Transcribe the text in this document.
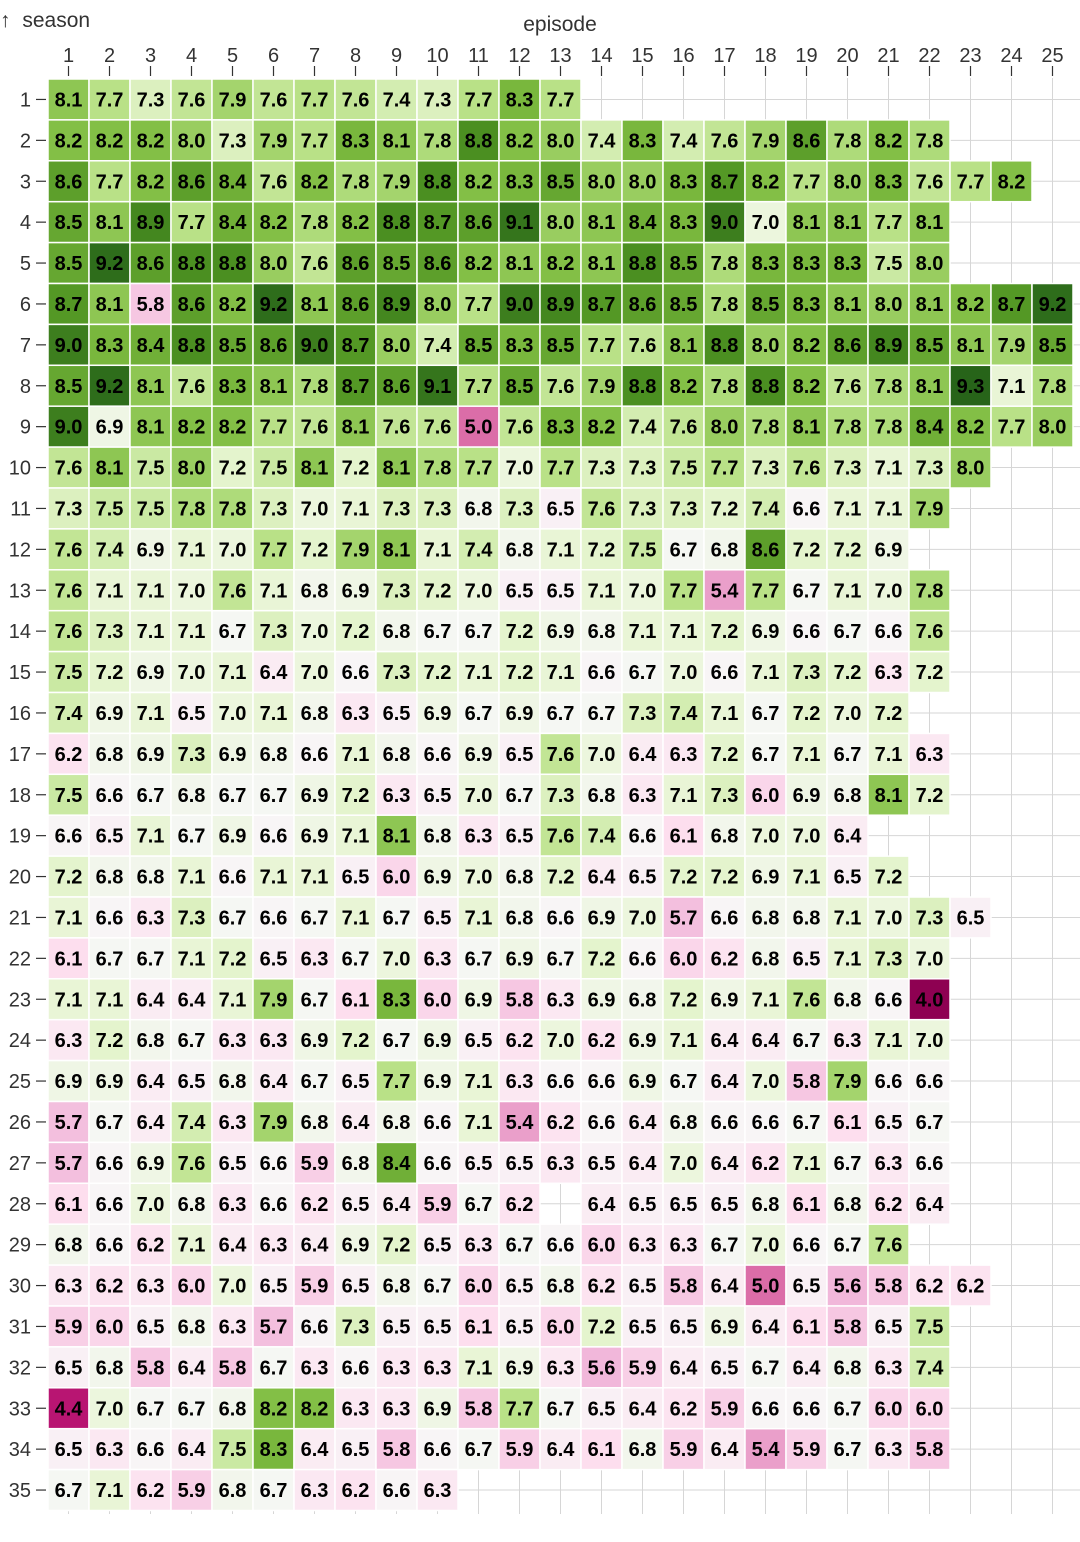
8.1 7.7 7.3 7.6 7.9 7.6 7.7 7.6 7.4 7.3 7.7 8.3 7.7
8.2 8.2 8.2 8.0 7.3 7.9 7.7 8.3 8.1 7.8 8.8 8.2 8.0 7.4 8.3 7.4 7.6 7.9 8.6 7.8 8.2 7.8
8.6 7.7 8.2 8.6 8.4 7.6 8.2 7.8 7.9 8.8 8.2 8.3 8.5 8.0 8.0 8.3 8.7 8.2 7.7 8.0 8.3 7.6 7.7 8.2
8.5 8.1 8.9 7.7 8.4 8.2 7.8 8.2 8.8 8.7 8.6 9.1 8.0 8.1 8.4 8.3 9.0 7.0 8.1 8.1 7.7 8.1
8.5 9.2 8.6 8.8 8.8 8.0 7.6 8.6 8.5 8.6 8.2 8.1 8.2 8.1 8.8 8.5 7.8 8.3 8.3 8.3 7.5 8.0
8.7 8.1 5.8 8.6 8.2 9.2 8.1 8.6 8.9 8.0 7.7 9.0 8.9 8.7 8.6 8.5 7.8 8.5 8.3 8.1 8.0 8.1 8.2 8.7 9.2
9.0 8.3 8.4 8.8 8.5 8.6 9.0 8.7 8.0 7.4 8.5 8.3 8.5 7.7 7.6 8.1 8.8 8.0 8.2 8.6 8.9 8.5 8.1 7.9 8.5
8.5 9.2 8.1 7.6 8.3 8.1 7.8 8.7 8.6 9.1 7.7 8.5 7.6 7.9 8.8 8.2 7.8 8.8 8.2 7.6 7.8 8.1 9.3 7.1 7.8
9.0 6.9 8.1 8.2 8.2 7.7 7.6 8.1 7.6 7.6 5.0 7.6 8.3 8.2 7.4 7.6 8.0 7.8 8.1 7.8 7.8 8.4 8.2 7.7 8.0
7.6 8.1 7.5 8.0 7.2 7.5 8.1 7.2 8.1 7.8 7.7 7.0 7.7 7.3 7.3 7.5 7.7 7.3 7.6 7.3 7.1 7.3 8.0
7.3 7.5 7.5 7.8 7.8 7.3 7.0 7.1 7.3 7.3 6.8 7.3 6.5 7.6 7.3 7.3 7.2 7.4 6.6 7.1 7.1 7.9
7.6 7.4 6.9 7.1 7.0 7.7 7.2 7.9 8.1 7.1 7.4 6.8 7.1 7.2 7.5 6.7 6.8 8.6 7.2 7.2 6.9
7.6 7.1 7.1 7.0 7.6 7.1 6.8 6.9 7.3 7.2 7.0 6.5 6.5 7.1 7.0 7.7 5.4 7.7 6.7 7.1 7.0 7.8
7.6 7.3 7.1 7.1 6.7 7.3 7.0 7.2 6.8 6.7 6.7 7.2 6.9 6.8 7.1 7.1 7.2 6.9 6.6 6.7 6.6 7.6
7.5 7.2 6.9 7.0 7.1 6.4 7.0 6.6 7.3 7.2 7.1 7.2 7.1 6.6 6.7 7.0 6.6 7.1 7.3 7.2 6.3 7.2
7.4 6.9 7.1 6.5 7.0 7.1 6.8 6.3 6.5 6.9 6.7 6.9 6.7 6.7 7.3 7.4 7.1 6.7 7.2 7.0 7.2
6.2 6.8 6.9 7.3 6.9 6.8 6.6 7.1 6.8 6.6 6.9 6.5 7.6 7.0 6.4 6.3 7.2 6.7 7.1 6.7 7.1 6.3
7.5 6.6 6.7 6.8 6.7 6.7 6.9 7.2 6.3 6.5 7.0 6.7 7.3 6.8 6.3 7.1 7.3 6.0 6.9 6.8 8.1 7.2
6.6 6.5 7.1 6.7 6.9 6.6 6.9 7.1 8.1 6.8 6.3 6.5 7.6 7.4 6.6 6.1 6.8 7.0 7.0 6.4
7.2 6.8 6.8 7.1 6.6 7.1 7.1 6.5 6.0 6.9 7.0 6.8 7.2 6.4 6.5 7.2 7.2 6.9 7.1 6.5 7.2
7.1 6.6 6.3 7.3 6.7 6.6 6.7 7.1 6.7 6.5 7.1 6.8 6.6 6.9 7.0 5.7 6.6 6.8 6.8 7.1 7.0 7.3 6.5
6.1 6.7 6.7 7.1 7.2 6.5 6.3 6.7 7.0 6.3 6.7 6.9 6.7 7.2 6.6 6.0 6.2 6.8 6.5 7.1 7.3 7.0
7.1 7.1 6.4 6.4 7.1 7.9 6.7 6.1 8.3 6.0 6.9 5.8 6.3 6.9 6.8 7.2 6.9 7.1 7.6 6.8 6.6 4.0
6.3 7.2 6.8 6.7 6.3 6.3 6.9 7.2 6.7 6.9 6.5 6.2 7.0 6.2 6.9 7.1 6.4 6.4 6.7 6.3 7.1 7.0
6.9 6.9 6.4 6.5 6.8 6.4 6.7 6.5 7.7 6.9 7.1 6.3 6.6 6.6 6.9 6.7 6.4 7.0 5.8 7.9 6.6 6.6
5.7 6.7 6.4 7.4 6.3 7.9 6.8 6.4 6.8 6.6 7.1 5.4 6.2 6.6 6.4 6.8 6.6 6.6 6.7 6.1 6.5 6.7
5.7 6.6 6.9 7.6 6.5 6.6 5.9 6.8 8.4 6.6 6.5 6.5 6.3 6.5 6.4 7.0 6.4 6.2 7.1 6.7 6.3 6.6
6.1 6.6 7.0 6.8 6.3 6.6 6.2 6.5 6.4 5.9 6.7 6.2	6.4 6.5 6.5 6.5 6.8 6.1 6.8 6.2 6.4
6.8 6.6 6.2 7.1 6.4 6.3 6.4 6.9 7.2 6.5 6.3 6.7 6.6 6.0 6.3 6.3 6.7 7.0 6.6 6.7 7.6
6.3 6.2 6.3 6.0 7.0 6.5 5.9 6.5 6.8 6.7 6.0 6.5 6.8 6.2 6.5 5.8 6.4 5.0 6.5 5.6 5.8 6.2 6.2
5.9 6.0 6.5 6.8 6.3 5.7 6.6 7.3 6.5 6.5 6.1 6.5 6.0 7.2 6.5 6.5 6.9 6.4 6.1 5.8 6.5 7.5
6.5 6.8 5.8 6.4 5.8 6.7 6.3 6.6 6.3 6.3 7.1 6.9 6.3 5.6 5.9 6.4 6.5 6.7 6.4 6.8 6.3 7.4
4.4 7.0 6.7 6.7 6.8 8.2 8.2 6.3 6.3 6.9 5.8 7.7 6.7 6.5 6.4 6.2 5.9 6.6 6.6 6.7 6.0 6.0
6.5 6.3 6.6 6.4 7.5 8.3 6.4 6.5 5.8 6.6 6.7 5.9 6.4 6.1 6.8 5.9 6.4 5.4 5.9 6.7 6.3 5.8
6.7 7.1 6.2 5.9 6.8 6.7 6.3 6.2 6.6 6.3
episode
1 2 3 4 5 6 7 8 9 10 11 12 13 14 15 16 17 18 19 20 21 22 23 24 25
↑ season
1
2
3
4
5
6
7
8
9
10
11
12
13
14
15
16
17
18
19
20
21
22
23
24
25
26
27
28
29
30
31
32
33
34
35
